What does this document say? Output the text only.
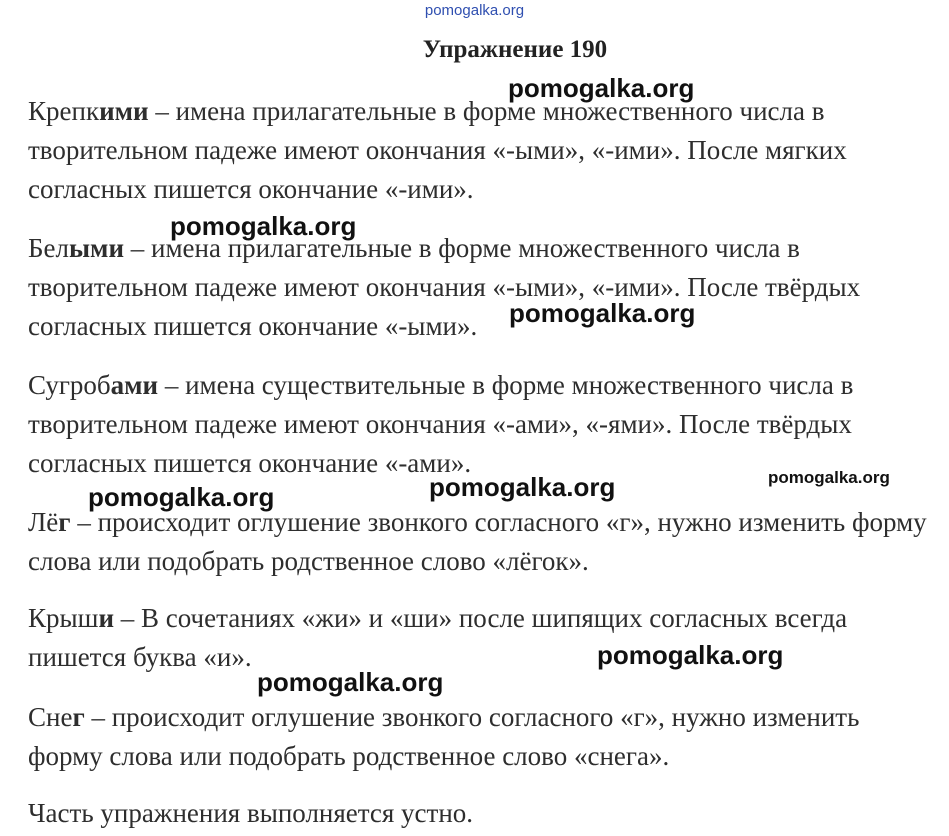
pomogalka.org
Упражнение 190
Крепкими – имена прилагательные в форме множественного числа в творительном падеже имеют окончания «-ыми», «-ими». После мягких согласных пишется окончание «-ими».
Белыми – имена прилагательные в форме множественного числа в творительном падеже имеют окончания «-ыми», «-ими». После твёрдых согласных пишется окончание «-ыми».
Сугробами – имена существительные в форме множественного числа в творительном падеже имеют окончания «-ами», «-ями». После твёрдых согласных пишется окончание «-ами».
Лёг – происходит оглушение звонкого согласного «г», нужно изменить форму слова или подобрать родственное слово «лёгок».
Крыши – В сочетаниях «жи» и «ши» после шипящих согласных всегда пишется буква «и».
Снег – происходит оглушение звонкого согласного «г», нужно изменить форму слова или подобрать родственное слово «снега».
Часть упражнения выполняется устно.
pomogalka.org
pomogalka.org
pomogalka.org
pomogalka.org
pomogalka.org	pomogalka.org
pomogalka.org
pomogalka.org
